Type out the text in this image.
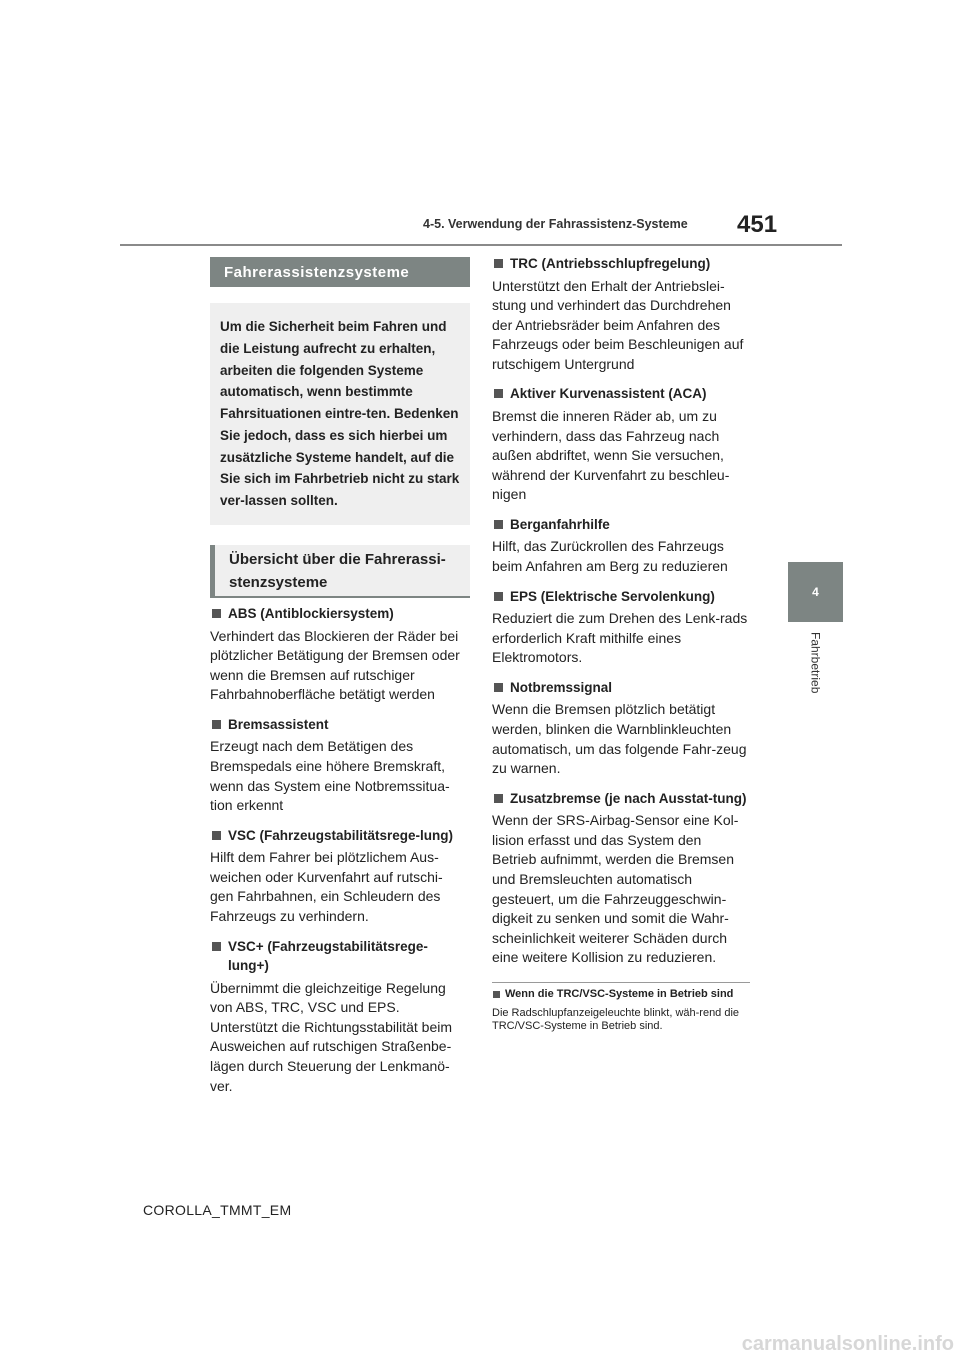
4-5. Verwendung der Fahrassistenz-Systeme 451
4
Fahrbetrieb
Fahrerassistenzsysteme

Um die Sicherheit beim Fahren und die Leistung aufrecht zu erhalten, arbeiten die folgenden Systeme automatisch, wenn bestimmte Fahrsituationen eintre-ten. Bedenken Sie jedoch, dass es sich hierbei um zusätzliche Systeme handelt, auf die Sie sich im Fahrbetrieb nicht zu stark ver-lassen sollten.

Übersicht über die Fahrerassi-stenzsysteme
ABS (Antiblockiersystem)
Verhindert das Blockieren der Räder bei plötzlicher Betätigung der Bremsen oder wenn die Bremsen auf rutschiger Fahrbahnoberfläche betätigt werden
Bremsassistent
Erzeugt nach dem Betätigen des Bremspedals eine höhere Bremskraft, wenn das System eine Notbremssitua-tion erkennt
VSC (Fahrzeugstabilitätsrege-lung)
Hilft dem Fahrer bei plötzlichem Aus-weichen oder Kurvenfahrt auf rutschi-gen Fahrbahnen, ein Schleudern des Fahrzeugs zu verhindern.
VSC+ (Fahrzeugstabilitätsrege-lung+)
Übernimmt die gleichzeitige Regelung von ABS, TRC, VSC und EPS. Unterstützt die Richtungsstabilität beim Ausweichen auf rutschigen Straßenbe-lägen durch Steuerung der Lenkmanö-ver.
TRC (Antriebsschlupfregelung)
Unterstützt den Erhalt der Antriebslei-stung und verhindert das Durchdrehen der Antriebsräder beim Anfahren des Fahrzeugs oder beim Beschleunigen auf rutschigem Untergrund
Aktiver Kurvenassistent (ACA)
Bremst die inneren Räder ab, um zu verhindern, dass das Fahrzeug nach außen abdriftet, wenn Sie versuchen, während der Kurvenfahrt zu beschleu-nigen
Berganfahrhilfe
Hilft, das Zurückrollen des Fahrzeugs beim Anfahren am Berg zu reduzieren
EPS (Elektrische Servolenkung)
Reduziert die zum Drehen des Lenk-rads erforderlich Kraft mithilfe eines Elektromotors.
Notbremssignal
Wenn die Bremsen plötzlich betätigt werden, blinken die Warnblinkleuchten automatisch, um das folgende Fahr-zeug zu warnen.
Zusatzbremse (je nach Ausstat-tung)
Wenn der SRS-Airbag-Sensor eine Kol-lision erfasst und das System den Betrieb aufnimmt, werden die Bremsen und Bremsleuchten automatisch gesteuert, um die Fahrzeuggeschwin-digkeit zu senken und somit die Wahr-scheinlichkeit weiterer Schäden durch eine weitere Kollision zu reduzieren.
Wenn die TRC/VSC-Systeme in Betrieb sind
Die Radschlupfanzeigeleuchte blinkt, wäh-rend die TRC/VSC-Systeme in Betrieb sind.
COROLLA_TMMT_EM
carmanualsonline.info
